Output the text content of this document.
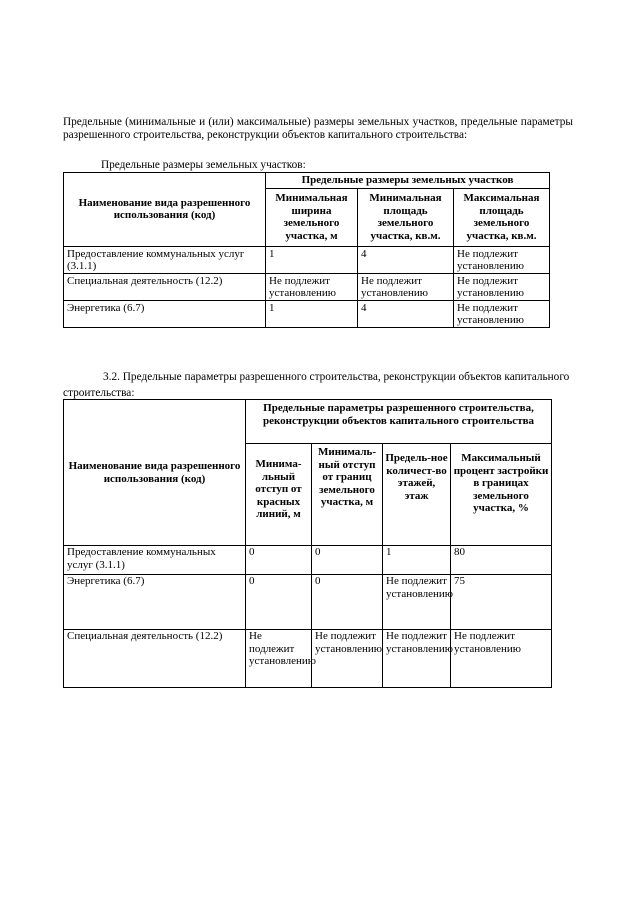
Предельные (минимальные и (или) максимальные) размеры земельных участков, предельные параметры разрешенного строительства, реконструкции объектов капитального строительства:
Предельные размеры земельных участков:
Наименование вида разрешенного использования (код)	Предельные размеры земельных участков		
	Минимальная ширина земельного участка, м	Минимальная площадь земельного участка, кв.м.	Максимальная площадь земельного участка, кв.м.
Предоставление коммунальных услуг (3.1.1)	1	4	Не подлежит установлению
Специальная деятельность (12.2)	Не подлежит установлению	Не подлежит установлению	Не подлежит установлению
Энергетика (6.7)	1	4	Не подлежит установлению
3.2. Предельные параметры разрешенного строительства, реконструкции объектов капитального строительства:
Наименование вида разрешенного использования (код)	Предельные параметры разрешенного строительства, реконструкции объектов капитального строительства			
	Минима-льный отступ от красных линий, м	Минималь-ный отступ от границ земельного участка, м	Предель-ное количест-во этажей, этаж	Максимальный процент застройки в границах земельного участка, %
Предоставление коммунальных услуг (3.1.1)	0	0	1	80
Энергетика (6.7)	0	0	Не подлежит установлению	75
Специальная деятельность (12.2)	Не подлежит установлению	Не подлежит установлению	Не подлежит установлению	Не подлежит установлению
